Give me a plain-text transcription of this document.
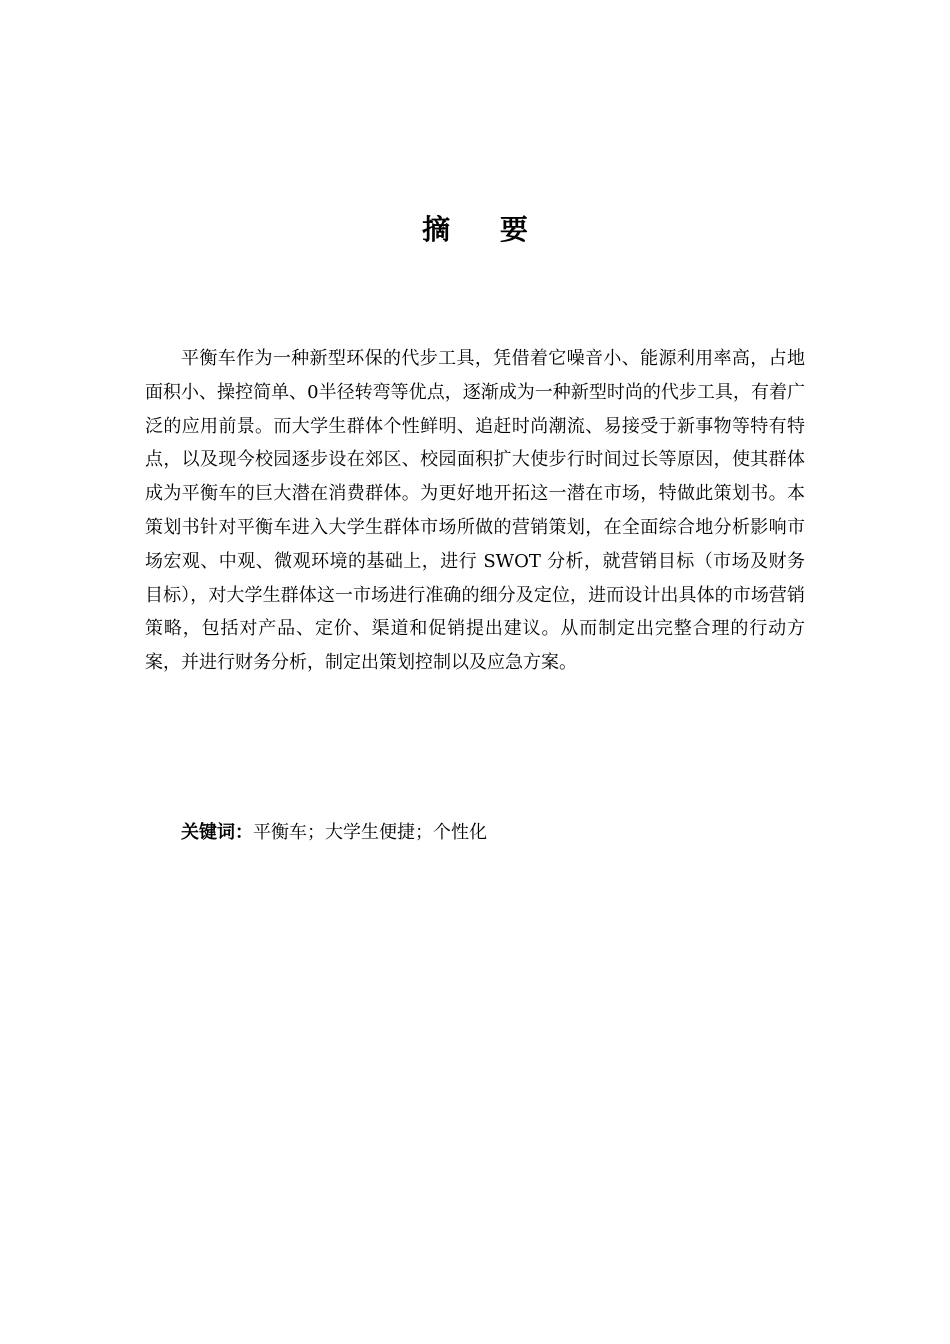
摘 要

平衡车作为一种新型环保的代步工具，凭借着它噪音小、能源利用率高，占地面积小、操控简单、0半径转弯等优点，逐渐成为一种新型时尚的代步工具，有着广泛的应用前景。而大学生群体个性鲜明、追赶时尚潮流、易接受于新事物等特有特点，以及现今校园逐步设在郊区、校园面积扩大使步行时间过长等原因，使其群体成为平衡车的巨大潜在消费群体。为更好地开拓这一潜在市场，特做此策划书。本策划书针对平衡车进入大学生群体市场所做的营销策划，在全面综合地分析影响市场宏观、中观、微观环境的基础上，进行 SWOT 分析，就营销目标（市场及财务目标），对大学生群体这一市场进行准确的细分及定位，进而设计出具体的市场营销策略，包括对产品、定价、渠道和促销提出建议。从而制定出完整合理的行动方案，并进行财务分析，制定出策划控制以及应急方案。

关键词：平衡车；大学生便捷；个性化
